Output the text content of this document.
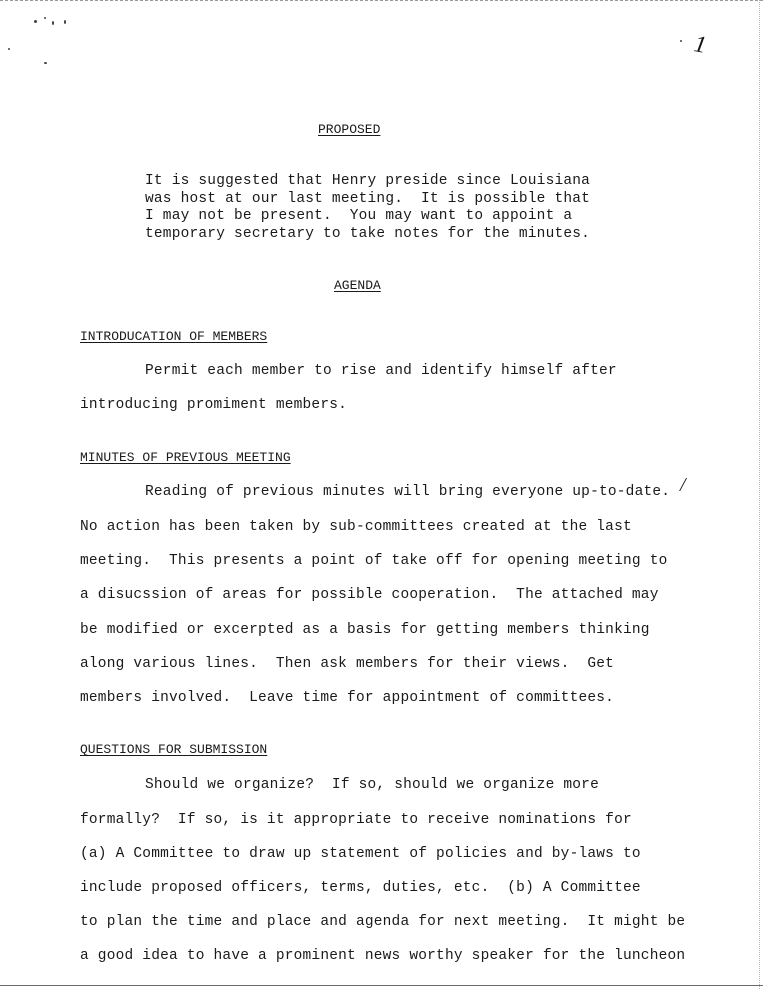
1
PROPOSED
It is suggested that Henry preside since Louisiana
was host at our last meeting.  It is possible that
I may not be present.  You may want to appoint a
temporary secretary to take notes for the minutes.
AGENDA
INTRODUCATION OF MEMBERS
Permit each member to rise and identify himself after
introducing promiment members.
MINUTES OF PREVIOUS MEETING
Reading of previous minutes will bring everyone up-to-date. /
No action has been taken by sub-committees created at the last
meeting.  This presents a point of take off for opening meeting to
a disucssion of areas for possible cooperation.  The attached may
be modified or excerpted as a basis for getting members thinking
along various lines.  Then ask members for their views.  Get
members involved.  Leave time for appointment of committees.
QUESTIONS FOR SUBMISSION
Should we organize?  If so, should we organize more
formally?  If so, is it appropriate to receive nominations for
(a) A Committee to draw up statement of policies and by-laws to
include proposed officers, terms, duties, etc.  (b) A Committee
to plan the time and place and agenda for next meeting.  It might be
a good idea to have a prominent news worthy speaker for the luncheon
